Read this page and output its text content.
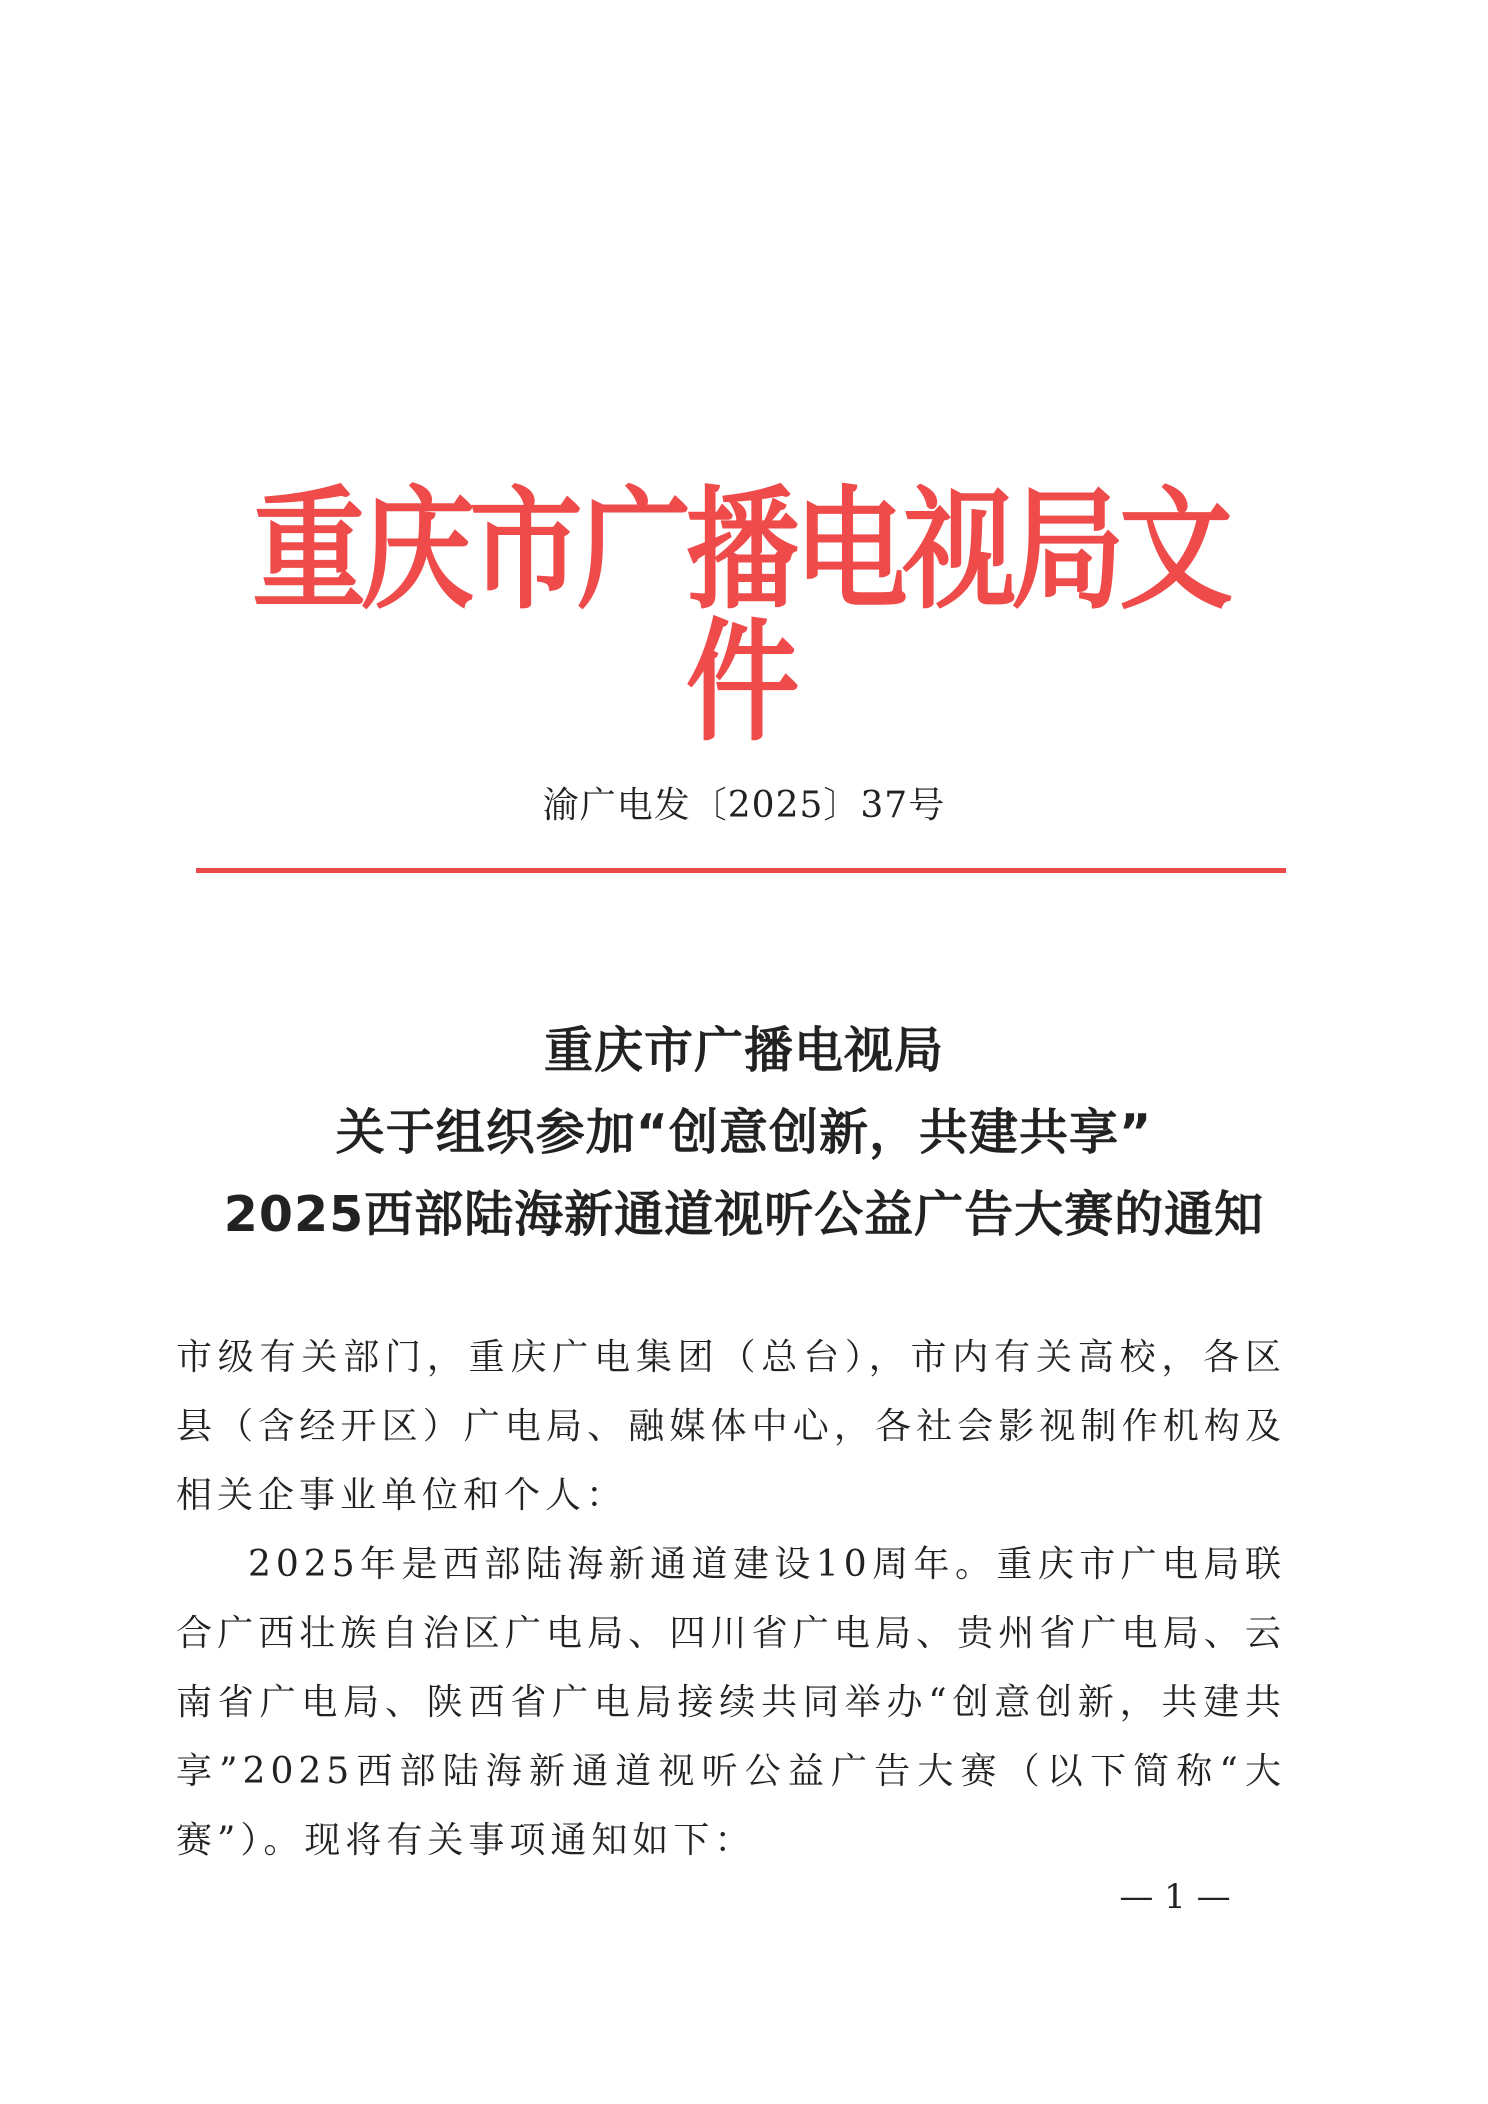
重庆市广播电视局文件
渝广电发〔2025〕37号
重庆市广播电视局
关于组织参加“创意创新，共建共享”
2025西部陆海新通道视听公益广告大赛的通知

市级有关部门，重庆广电集团（总台），市内有关高校，各区县（含经开区）广电局、融媒体中心，各社会影视制作机构及相关企事业单位和个人：

2025年是西部陆海新通道建设10周年。重庆市广电局联合广西壮族自治区广电局、四川省广电局、贵州省广电局、云南省广电局、陕西省广电局接续共同举办“创意创新，共建共享”2025西部陆海新通道视听公益广告大赛（以下简称“大赛”）。现将有关事项通知如下：

— 1 —
